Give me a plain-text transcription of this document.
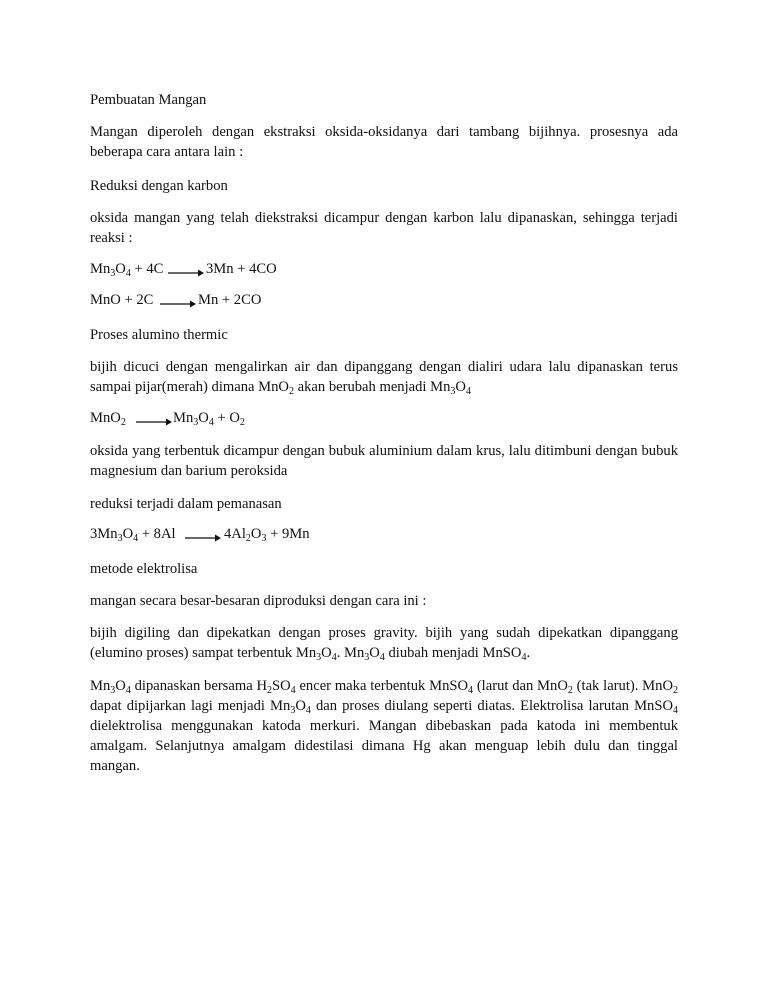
Pembuatan Mangan

Mangan diperoleh dengan ekstraksi oksida-oksidanya dari tambang bijihnya. prosesnya ada beberapa cara antara lain :

Reduksi dengan karbon

oksida mangan yang telah diekstraksi dicampur dengan karbon lalu dipanaskan, sehingga terjadi reaksi :

$Mn_3O_4 + 4C \to 3Mn + 4CO$
MnO + 2C → Mn + 2CO

Proses alumino thermic

bijih dicuci dengan mengalirkan air dan dipanggang dengan dialiri udara lalu dipanaskan terus sampai pijar(merah) dimana MnO$_2$ akan berubah menjadi $Mn_3O_4$

$MnO_2 \to Mn_3O_4 + O_2$

oksida yang terbentuk dicampur dengan bubuk aluminium dalam krus, lalu ditimbuni dengan bubuk magnesium dan barium peroksida

reduksi terjadi dalam pemanasan

$3Mn_3O_4 + 8Al \to 4Al_2O_3 + 9Mn$

metode elektrolisa

mangan secara besar-besaran diproduksi dengan cara ini :

bijih digiling dan dipekatkan dengan proses gravity. bijih yang sudah dipekatkan dipanggang (elumino proses) sampat terbentuk $Mn_3O_4$. $Mn_3O_4$ diubah menjadi MnSO$_4$.

$Mn_3O_4$ dipanaskan bersama $H_2SO_4$ encer maka terbentuk MnSO$_4$ (larut dan MnO$_2$ (tak larut). MnO$_2$ dapat dipijarkan lagi menjadi $Mn_3O_4$ dan proses diulang seperti diatas. Elektrolisa larutan MnSO$_4$ dielektrolisa menggunakan katoda merkuri. Mangan dibebaskan pada katoda ini membentuk amalgam. Selanjutnya amalgam didestilasi dimana Hg akan menguap lebih dulu dan tinggal mangan.
